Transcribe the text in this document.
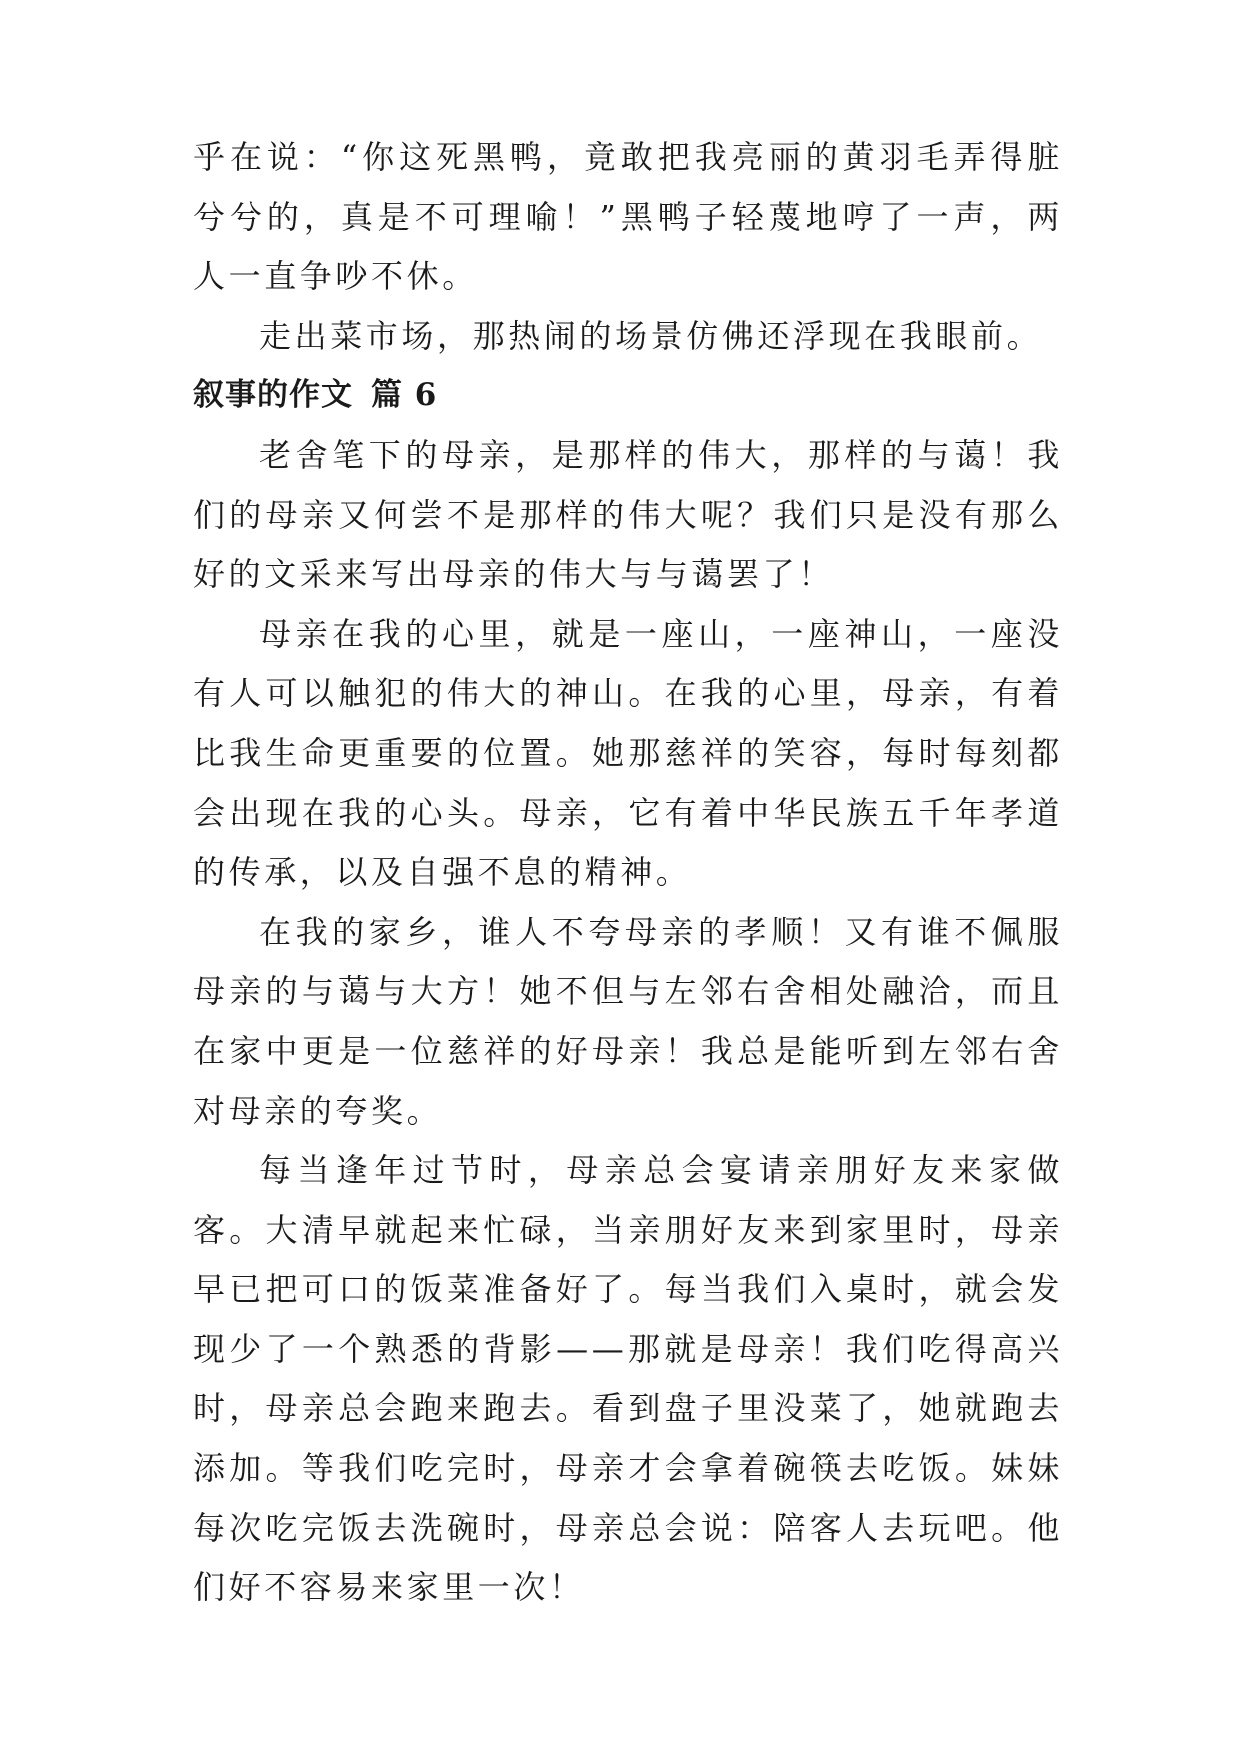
乎在说：“你这死黑鸭，竟敢把我亮丽的黄羽毛弄得脏兮兮的，真是不可理喻！”黑鸭子轻蔑地哼了一声，两人一直争吵不休。

走出菜市场，那热闹的场景仿佛还浮现在我眼前。

叙事的作文 篇 6

老舍笔下的母亲，是那样的伟大，那样的与蔼！我们的母亲又何尝不是那样的伟大呢？我们只是没有那么好的文采来写出母亲的伟大与与蔼罢了！

母亲在我的心里，就是一座山，一座神山，一座没有人可以触犯的伟大的神山。在我的心里，母亲，有着比我生命更重要的位置。她那慈祥的笑容，每时每刻都会出现在我的心头。母亲，它有着中华民族五千年孝道的传承，以及自强不息的精神。

在我的家乡，谁人不夸母亲的孝顺！又有谁不佩服母亲的与蔼与大方！她不但与左邻右舍相处融洽，而且在家中更是一位慈祥的好母亲！我总是能听到左邻右舍对母亲的夸奖。

每当逢年过节时，母亲总会宴请亲朋好友来家做客。大清早就起来忙碌，当亲朋好友来到家里时，母亲早已把可口的饭菜准备好了。每当我们入桌时，就会发现少了一个熟悉的背影——那就是母亲！我们吃得高兴时，母亲总会跑来跑去。看到盘子里没菜了，她就跑去添加。等我们吃完时，母亲才会拿着碗筷去吃饭。妹妹每次吃完饭去洗碗时，母亲总会说：陪客人去玩吧。他们好不容易来家里一次！
